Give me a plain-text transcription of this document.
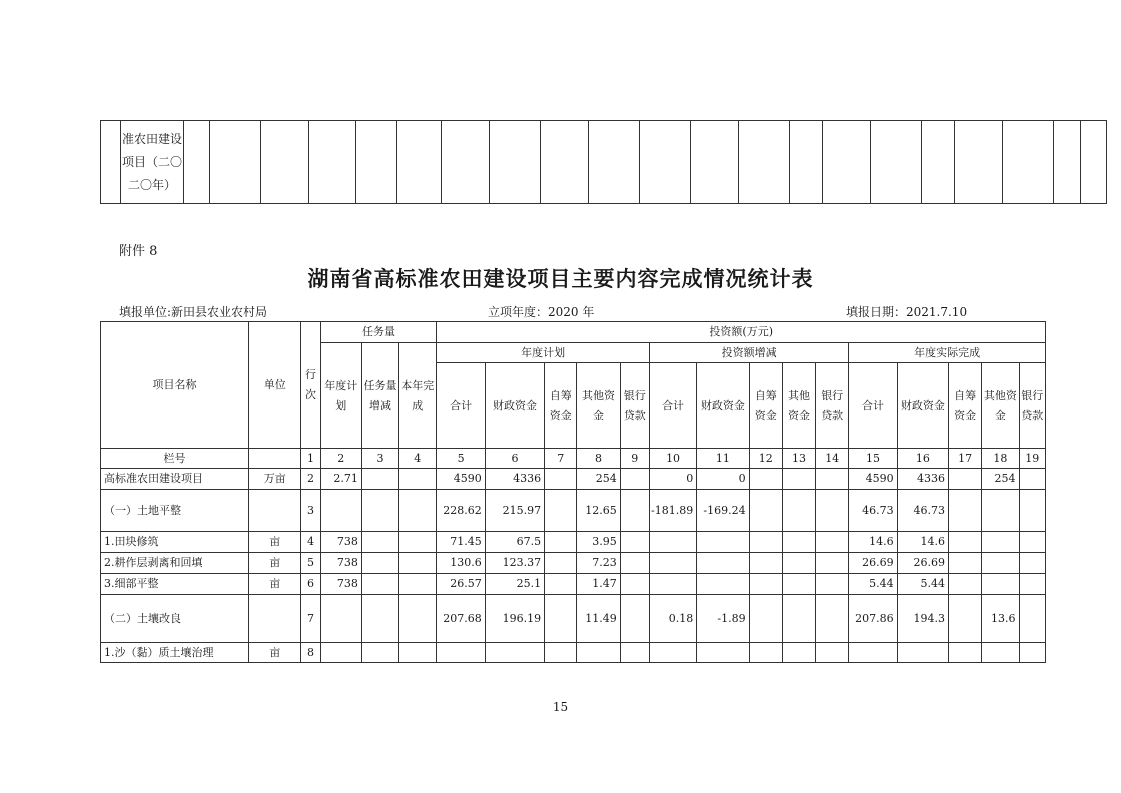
	准农田建设项目（二〇二〇年）																					
附件 8
湖南省高标准农田建设项目主要内容完成情况统计表
填报单位:新田县农业农村局	立项年度：2020 年	填报日期：2021.7.10
项目名称	单位	行次	任务量			投资额(万元)														
			年度计划	任务量增减	本年完成	年度计划					投资额增减					年度实际完成				
						合计	财政资金	自筹资金	其他资金	银行贷款	合计	财政资金	自筹资金	其他资金	银行贷款	合计	财政资金	自筹资金	其他资金	银行贷款

栏号		1	2	3	4	5	6	7	8	9	10	11	12	13	14	15	16	17	18	19
高标准农田建设项目	万亩	2	2.71			4590	4336		254		0	0				4590	4336		254	
（一）土地平整		3				228.62	215.97		12.65		-181.89	-169.24				46.73	46.73			
1.田块修筑	亩	4	738			71.45	67.5		3.95							14.6	14.6			
2.耕作层剥离和回填	亩	5	738			130.6	123.37		7.23							26.69	26.69			
3.细部平整	亩	6	738			26.57	25.1		1.47							5.44	5.44			
（二）土壤改良		7				207.68	196.19		11.49		0.18	-1.89				207.86	194.3		13.6	
1.沙（黏）质土壤治理	亩	8																		
15
